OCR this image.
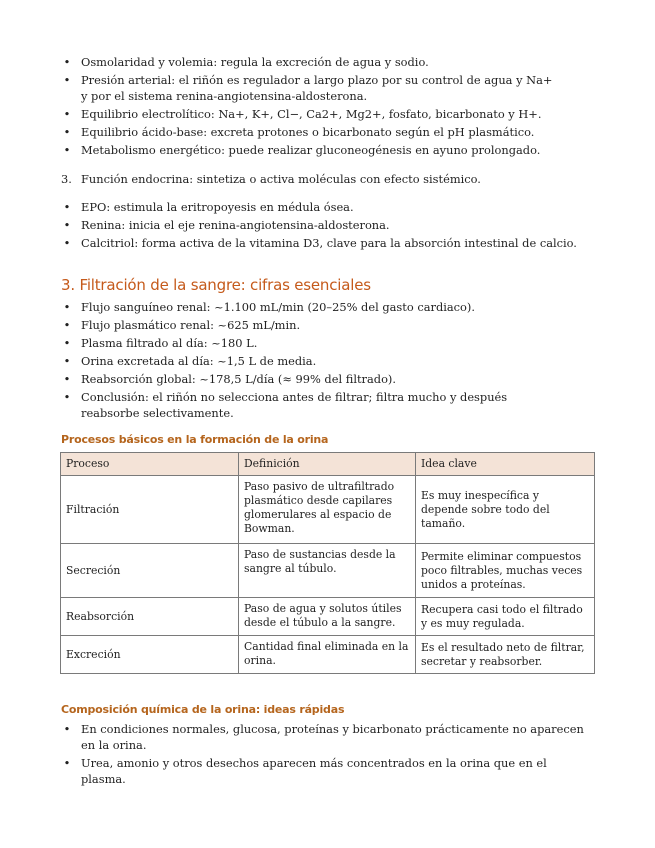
• Osmolaridad y volemia: regula la excreción de agua y sodio.
• Presión arterial: el riñón es regulador a largo plazo por su control de agua y Na+ y por el sistema renina-angiotensina-aldosterona.
• Equilibrio electrolítico: Na+, K+, Cl−, Ca2+, Mg2+, fosfato, bicarbonato y H+.
• Equilibrio ácido-base: excreta protones o bicarbonato según el pH plasmático.
• Metabolismo energético: puede realizar gluconeogénesis en ayuno prolongado.
3. Función endocrina: sintetiza o activa moléculas con efecto sistémico.
• EPO: estimula la eritropoyesis en médula ósea.
• Renina: inicia el eje renina-angiotensina-aldosterona.
• Calcitriol: forma activa de la vitamina D3, clave para la absorción intestinal de calcio.
3. Filtración de la sangre: cifras esenciales
• Flujo sanguíneo renal: ~1.100 mL/min (20–25% del gasto cardiaco).
• Flujo plasmático renal: ~625 mL/min.
• Plasma filtrado al día: ~180 L.
• Orina excretada al día: ~1,5 L de media.
• Reabsorción global: ~178,5 L/día (≈ 99% del filtrado).
• Conclusión: el riñón no selecciona antes de filtrar; filtra mucho y después reabsorbe selectivamente.
Procesos básicos en la formación de la orina
Proceso	Definición	Idea clave
Filtración	Paso pasivo de ultrafiltrado plasmático desde capilares glomerulares al espacio de Bowman.	Es muy inespecífica y depende sobre todo del tamaño.
Secreción	Paso de sustancias desde la sangre al túbulo.	Permite eliminar compuestos poco filtrables, muchas veces unidos a proteínas.
Reabsorción	Paso de agua y solutos útiles desde el túbulo a la sangre.	Recupera casi todo el filtrado y es muy regulada.
Excreción	Cantidad final eliminada en la orina.	Es el resultado neto de filtrar, secretar y reabsorber.
Composición química de la orina: ideas rápidas
• En condiciones normales, glucosa, proteínas y bicarbonato prácticamente no aparecen en la orina.
• Urea, amonio y otros desechos aparecen más concentrados en la orina que en el plasma.
